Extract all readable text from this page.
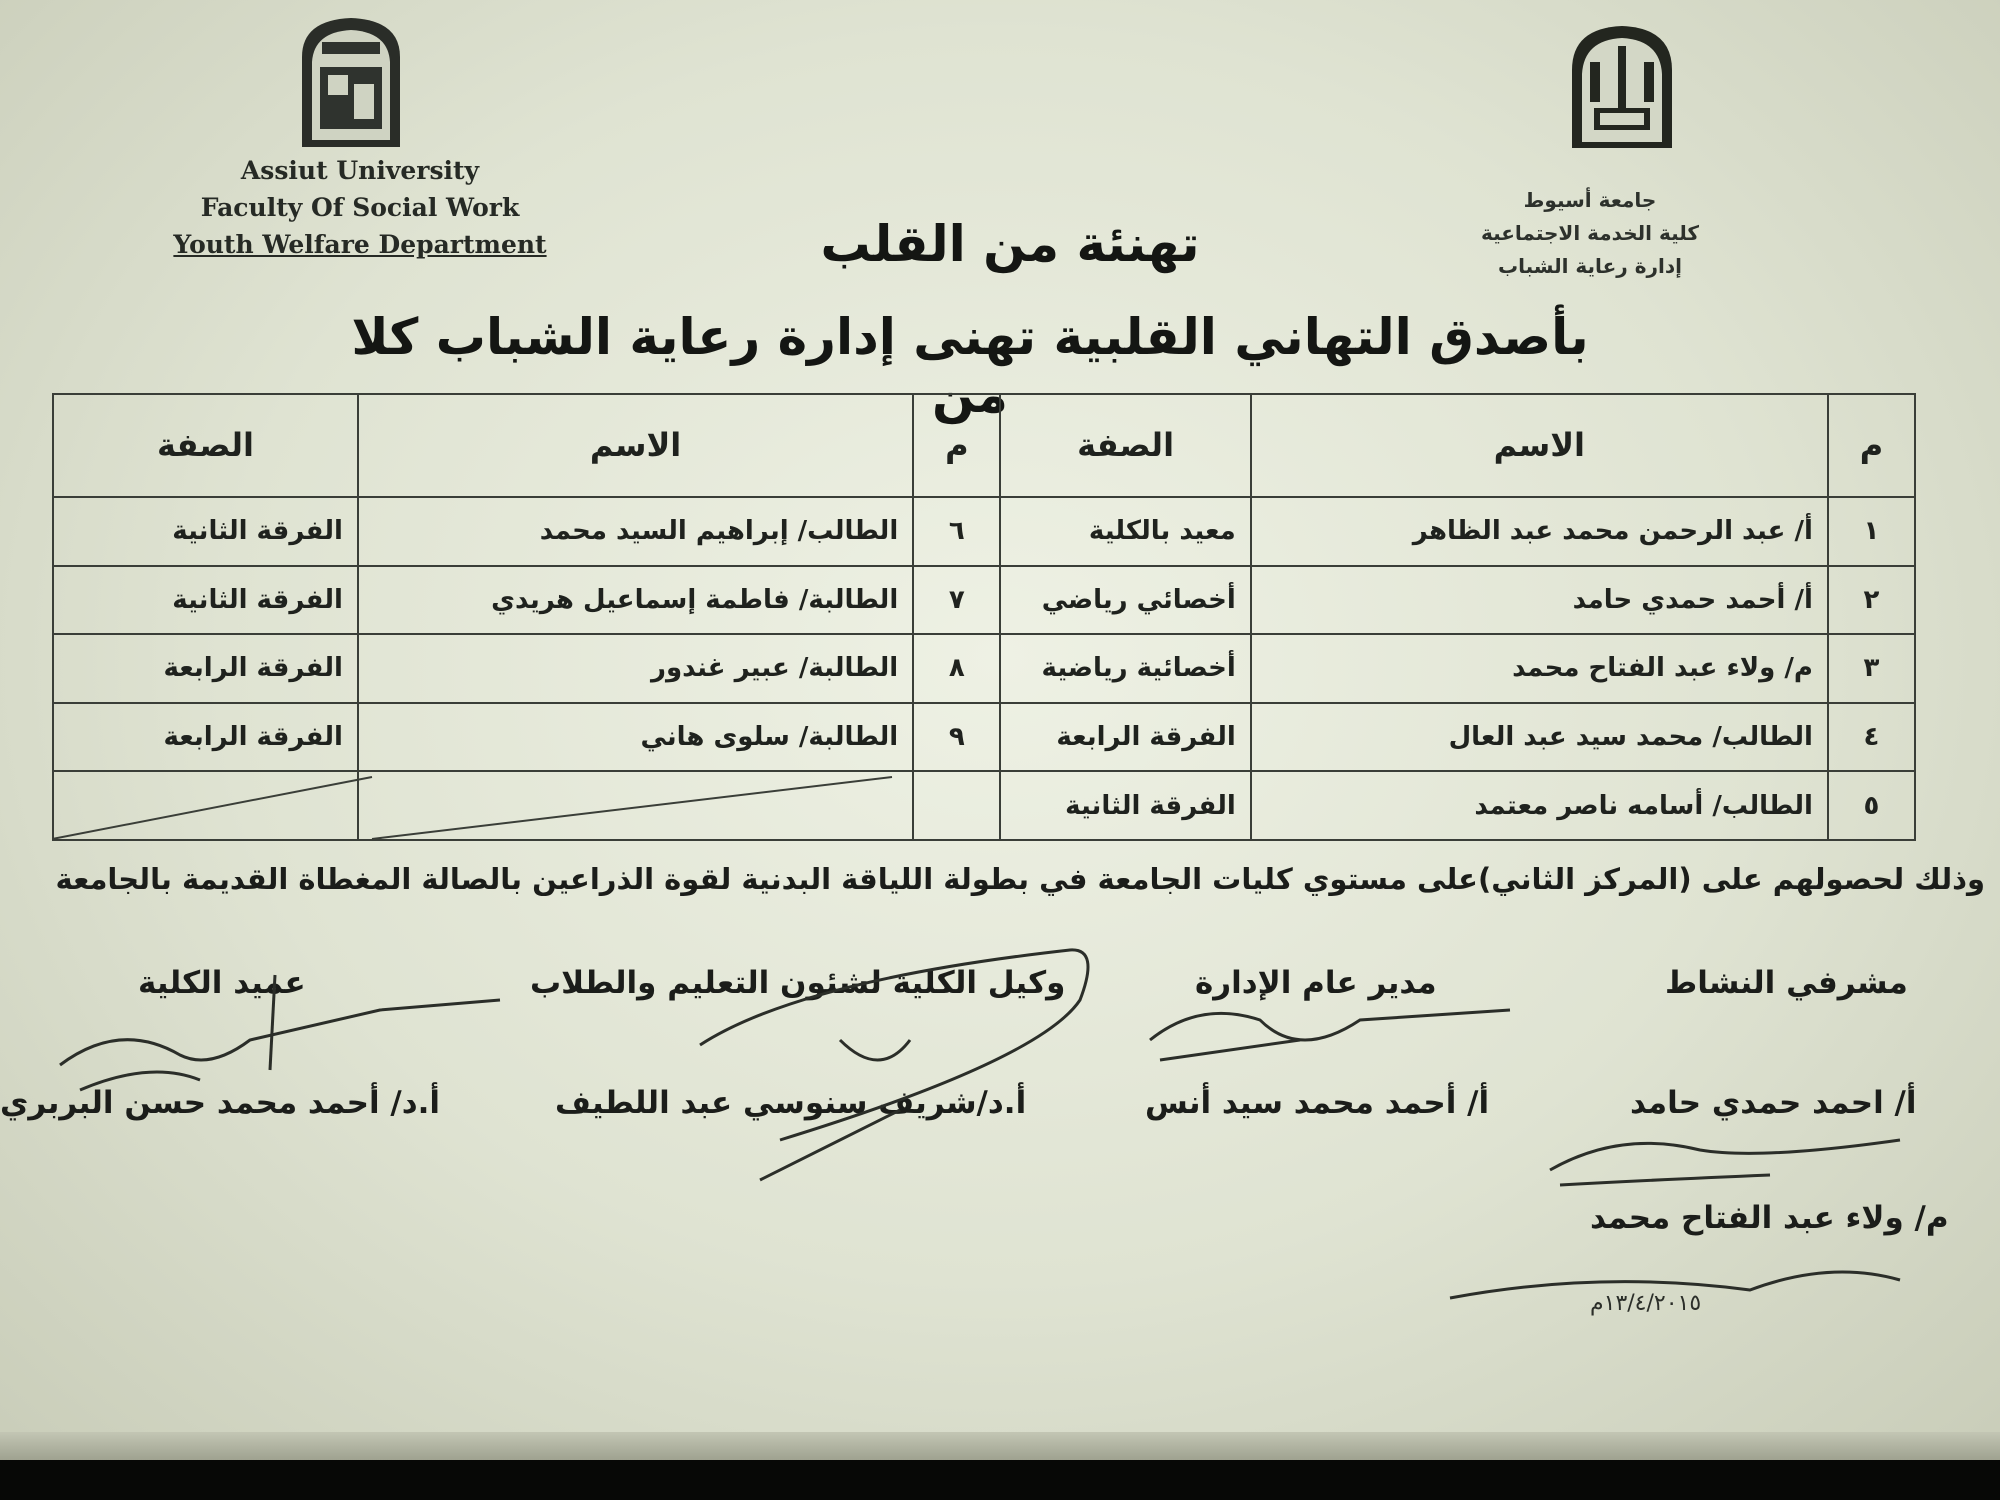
Assiut University
Faculty Of Social Work
Youth Welfare Department
جامعة أسيوط
كلية الخدمة الاجتماعية
إدارة رعاية الشباب
تهنئة من القلب
بأصدق التهاني القلبية تهنى إدارة رعاية الشباب كلا من
م	الاسم	الصفة	م	الاسم	الصفة
١	أ/ عبد الرحمن محمد عبد الظاهر	معيد بالكلية	٦	الطالب/ إبراهيم السيد محمد	الفرقة الثانية
٢	أ/ أحمد حمدي حامد	أخصائي رياضي	٧	الطالبة/ فاطمة إسماعيل هريدي	الفرقة الثانية
٣	م/ ولاء عبد الفتاح محمد	أخصائية رياضية	٨	الطالبة/ عبير غندور	الفرقة الرابعة
٤	الطالب/ محمد سيد عبد العال	الفرقة الرابعة	٩	الطالبة/ سلوى هاني	الفرقة الرابعة
٥	الطالب/ أسامه ناصر معتمد	الفرقة الثانية			
وذلك لحصولهم على (المركز الثاني)على مستوي كليات الجامعة في بطولة اللياقة البدنية لقوة الذراعين بالصالة المغطاة القديمة بالجامعة
مشرفي النشاط
مدير عام الإدارة
وكيل الكلية لشئون التعليم والطلاب
عميد الكلية
أ/ احمد حمدي حامد
أ/ أحمد محمد سيد أنس
أ.د/شريف سنوسي عبد اللطيف
أ.د/ أحمد محمد حسن البربري
م/ ولاء عبد الفتاح محمد
١٣/٤/٢٠١٥م
